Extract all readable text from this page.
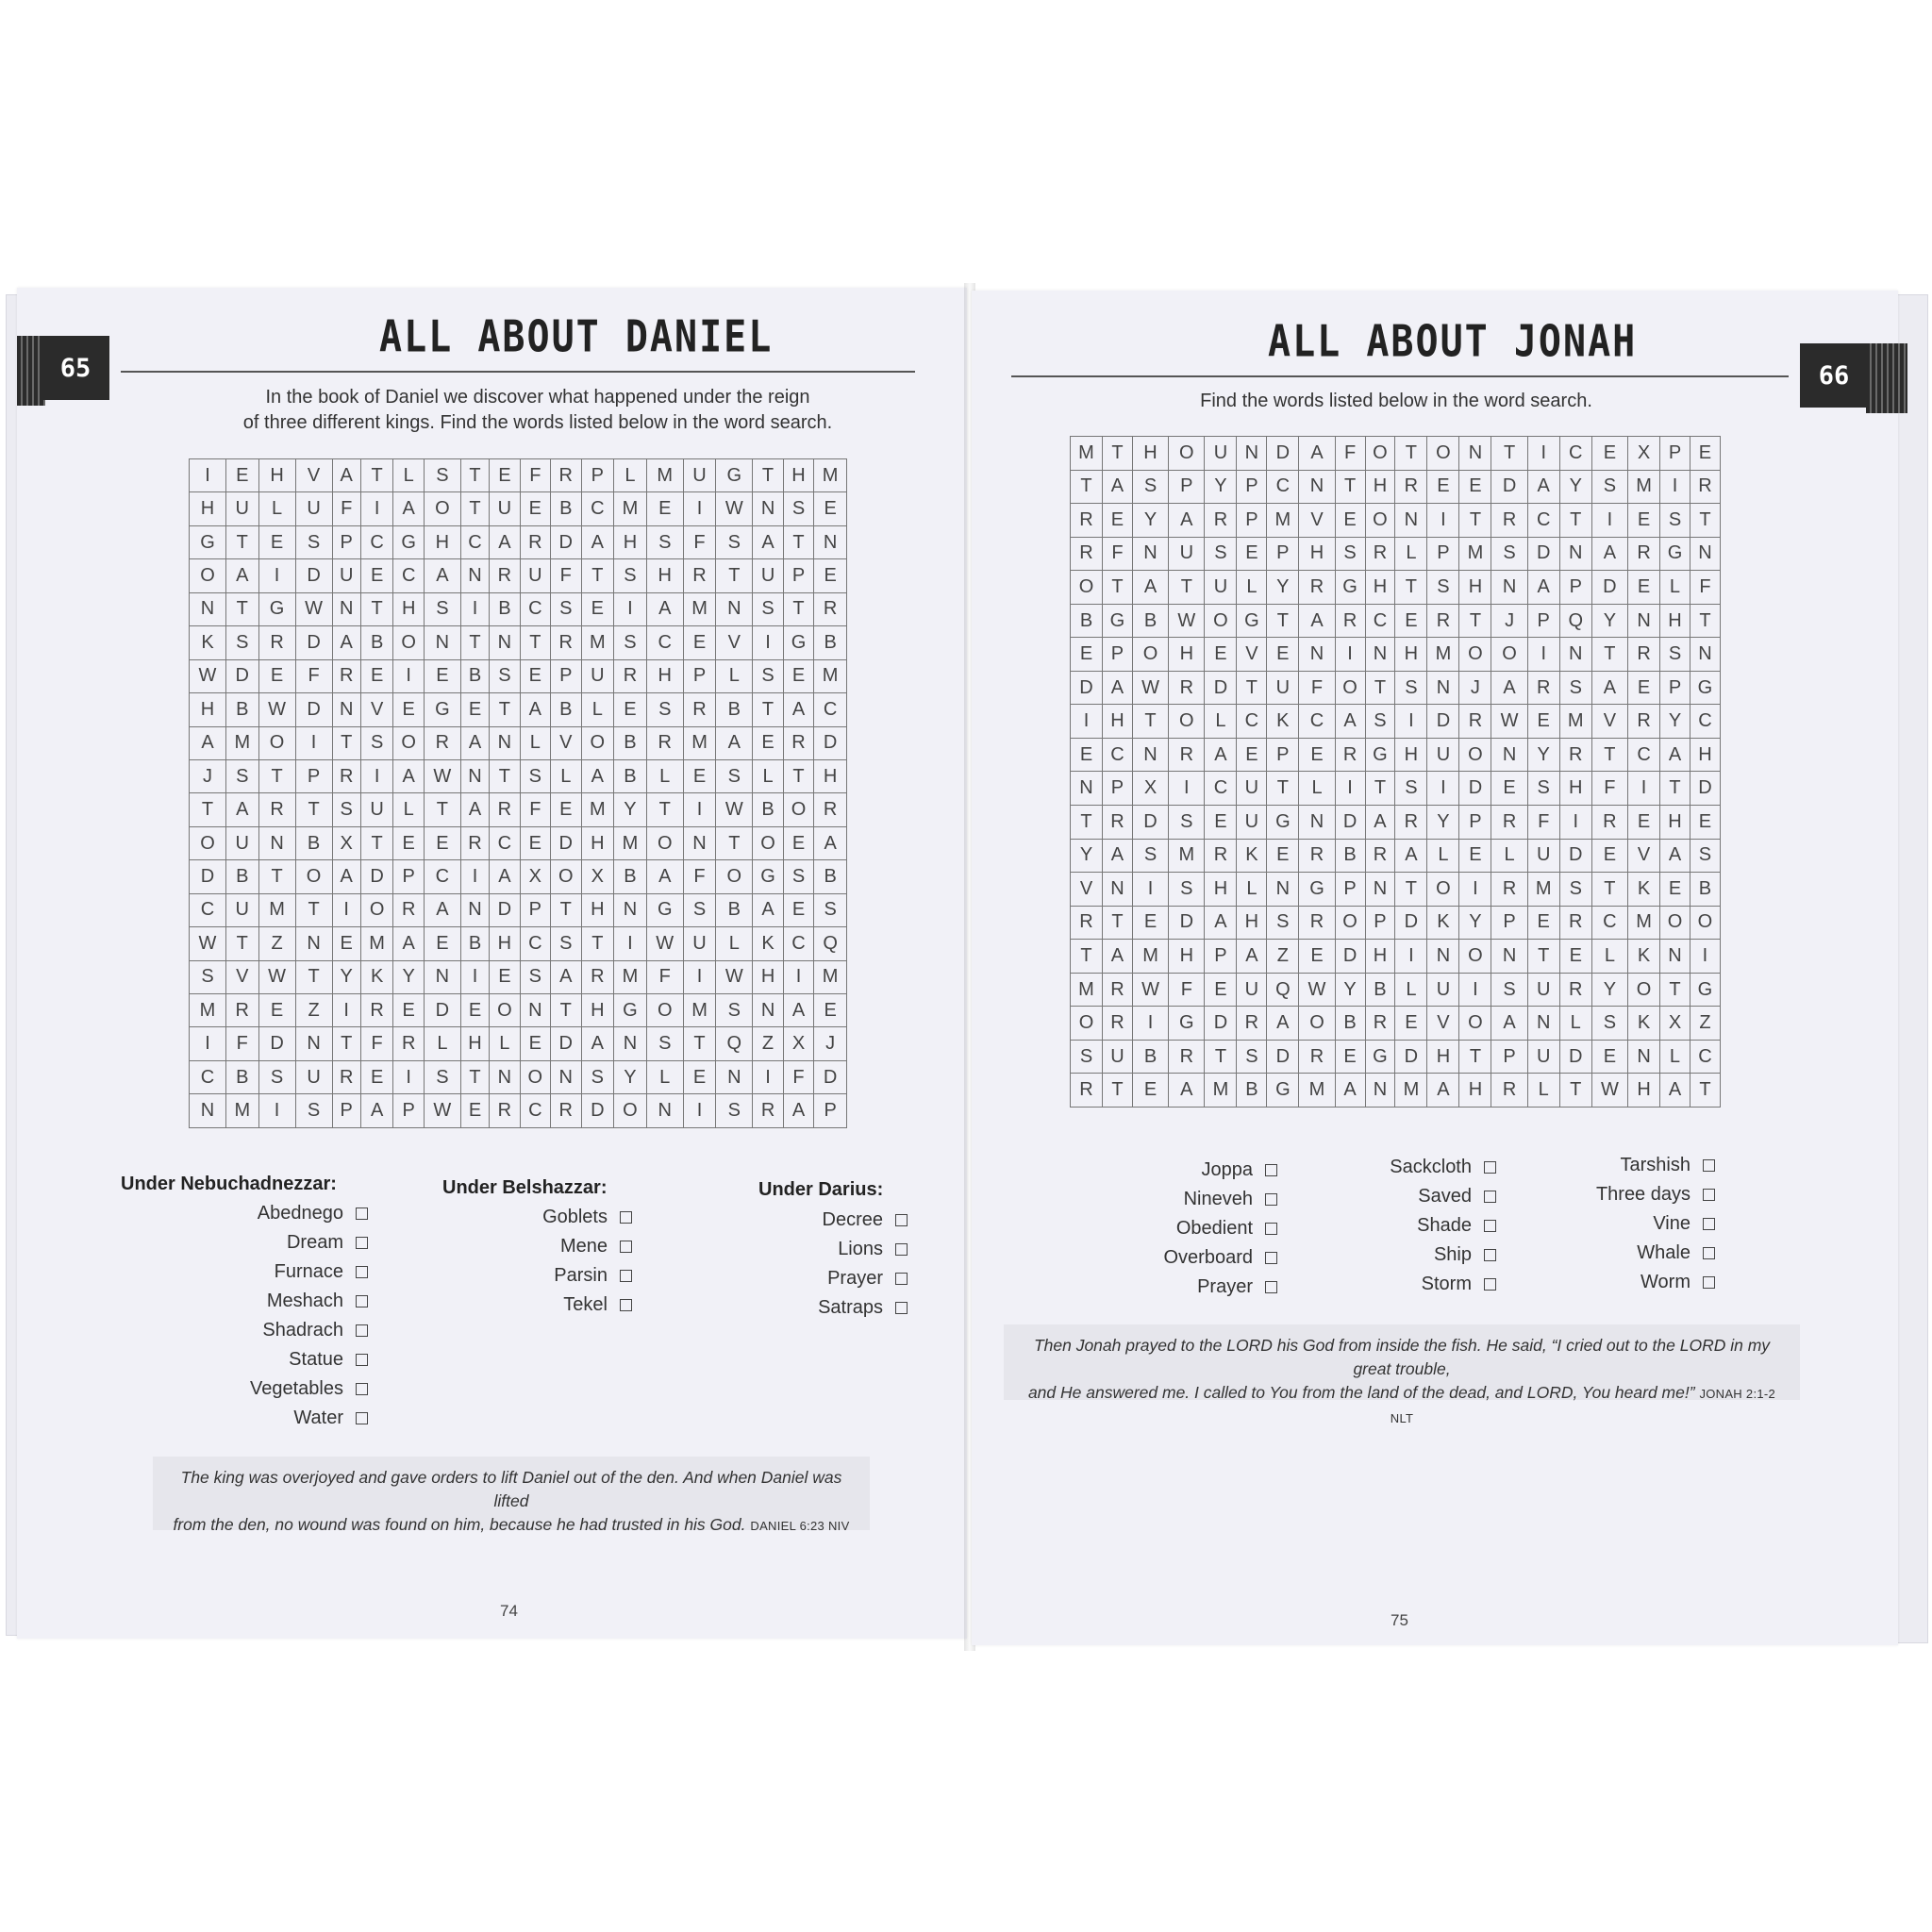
65
ALL ABOUT DANIEL
In the book of Daniel we discover what happened under the reign
of three different kings. Find the words listed below in the word search.
I	E	H	V	A	T	L	S	T	E	F	R	P	L	M	U	G	T	H	M
H	U	L	U	F	I	A	O	T	U	E	B	C	M	E	I	W	N	S	E
G	T	E	S	P	C	G	H	C	A	R	D	A	H	S	F	S	A	T	N
O	A	I	D	U	E	C	A	N	R	U	F	T	S	H	R	T	U	P	E
N	T	G	W	N	T	H	S	I	B	C	S	E	I	A	M	N	S	T	R
K	S	R	D	A	B	O	N	T	N	T	R	M	S	C	E	V	I	G	B
W	D	E	F	R	E	I	E	B	S	E	P	U	R	H	P	L	S	E	M
H	B	W	D	N	V	E	G	E	T	A	B	L	E	S	R	B	T	A	C
A	M	O	I	T	S	O	R	A	N	L	V	O	B	R	M	A	E	R	D
J	S	T	P	R	I	A	W	N	T	S	L	A	B	L	E	S	L	T	H
T	A	R	T	S	U	L	T	A	R	F	E	M	Y	T	I	W	B	O	R
O	U	N	B	X	T	E	E	R	C	E	D	H	M	O	N	T	O	E	A
D	B	T	O	A	D	P	C	I	A	X	O	X	B	A	F	O	G	S	B
C	U	M	T	I	O	R	A	N	D	P	T	H	N	G	S	B	A	E	S
W	T	Z	N	E	M	A	E	B	H	C	S	T	I	W	U	L	K	C	Q
S	V	W	T	Y	K	Y	N	I	E	S	A	R	M	F	I	W	H	I	M
M	R	E	Z	I	R	E	D	E	O	N	T	H	G	O	M	S	N	A	E
I	F	D	N	T	F	R	L	H	L	E	D	A	N	S	T	Q	Z	X	J
C	B	S	U	R	E	I	S	T	N	O	N	S	Y	L	E	N	I	F	D
N	M	I	S	P	A	P	W	E	R	C	R	D	O	N	I	S	R	A	P
Under Nebuchadnezzar:
Abednego
Dream
Furnace
Meshach
Shadrach
Statue
Vegetables
Water
Under Belshazzar:
Goblets
Mene
Parsin
Tekel
Under Darius:
Decree
Lions
Prayer
Satraps
The king was overjoyed and gave orders to lift Daniel out of the den. And when Daniel was lifted
from the den, no wound was found on him, because he had trusted in his God. DANIEL 6:23 NIV
74
66
ALL ABOUT JONAH
Find the words listed below in the word search.
M	T	H	O	U	N	D	A	F	O	T	O	N	T	I	C	E	X	P	E
T	A	S	P	Y	P	C	N	T	H	R	E	E	D	A	Y	S	M	I	R
R	E	Y	A	R	P	M	V	E	O	N	I	T	R	C	T	I	E	S	T
R	F	N	U	S	E	P	H	S	R	L	P	M	S	D	N	A	R	G	N
O	T	A	T	U	L	Y	R	G	H	T	S	H	N	A	P	D	E	L	F
B	G	B	W	O	G	T	A	R	C	E	R	T	J	P	Q	Y	N	H	T
E	P	O	H	E	V	E	N	I	N	H	M	O	O	I	N	T	R	S	N
D	A	W	R	D	T	U	F	O	T	S	N	J	A	R	S	A	E	P	G
I	H	T	O	L	C	K	C	A	S	I	D	R	W	E	M	V	R	Y	C
E	C	N	R	A	E	P	E	R	G	H	U	O	N	Y	R	T	C	A	H
N	P	X	I	C	U	T	L	I	T	S	I	D	E	S	H	F	I	T	D
T	R	D	S	E	U	G	N	D	A	R	Y	P	R	F	I	R	E	H	E
Y	A	S	M	R	K	E	R	B	R	A	L	E	L	U	D	E	V	A	S
V	N	I	S	H	L	N	G	P	N	T	O	I	R	M	S	T	K	E	B
R	T	E	D	A	H	S	R	O	P	D	K	Y	P	E	R	C	M	O	O
T	A	M	H	P	A	Z	E	D	H	I	N	O	N	T	E	L	K	N	I
M	R	W	F	E	U	Q	W	Y	B	L	U	I	S	U	R	Y	O	T	G
O	R	I	G	D	R	A	O	B	R	E	V	O	A	N	L	S	K	X	Z
S	U	B	R	T	S	D	R	E	G	D	H	T	P	U	D	E	N	L	C
R	T	E	A	M	B	G	M	A	N	M	A	H	R	L	T	W	H	A	T
Joppa
Nineveh
Obedient
Overboard
Prayer
Sackcloth
Saved
Shade
Ship
Storm
Tarshish
Three days
Vine
Whale
Worm
Then Jonah prayed to the LORD his God from inside the fish. He said, “I cried out to the LORD in my great trouble,
and He answered me. I called to You from the land of the dead, and LORD, You heard me!” JONAH 2:1-2 NLT
75
